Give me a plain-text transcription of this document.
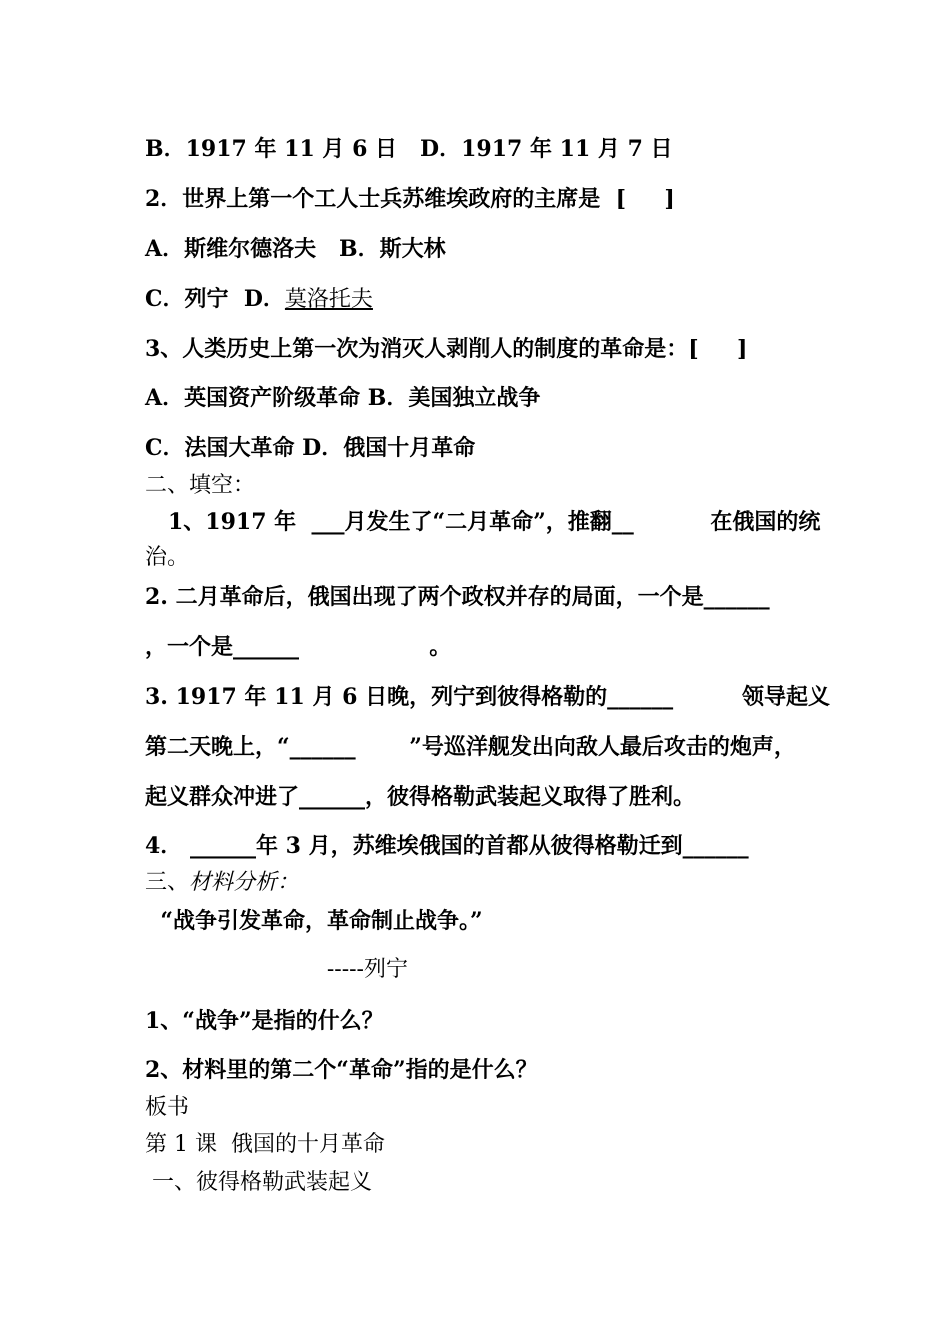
B．1917 年 11 月 6 日   D．1917 年 11 月 7 日
2．世界上第一个工人士兵苏维埃政府的主席是  [     ]
A．斯维尔德洛夫   B．斯大林
C．列宁  D．莫洛托夫
3、人类历史上第一次为消灭人剥削人的制度的革命是：[     ]
A．英国资产阶级革命 B．美国独立战争
C．法国大革命 D．俄国十月革命
二、填空：
1、1917 年  ___月发生了“二月革命”，推翻__          在俄国的统
治。
2. 二月革命后，俄国出现了两个政权并存的局面，一个是______
，一个是______                 。
3. 1917 年 11 月 6 日晚，列宁到彼得格勒的______         领导起义
第二天晚上，“______       ”号巡洋舰发出向敌人最后攻击的炮声，
起义群众冲进了______，彼得格勒武装起义取得了胜利。
4． ______年 3 月，苏维埃俄国的首都从彼得格勒迁到______
三、材料分析：
“战争引发革命，革命制止战争。”
-----列宁
1、“战争”是指的什么？
2、材料里的第二个“革命”指的是什么？
板书
第 1 课  俄国的十月革命
一、彼得格勒武装起义
